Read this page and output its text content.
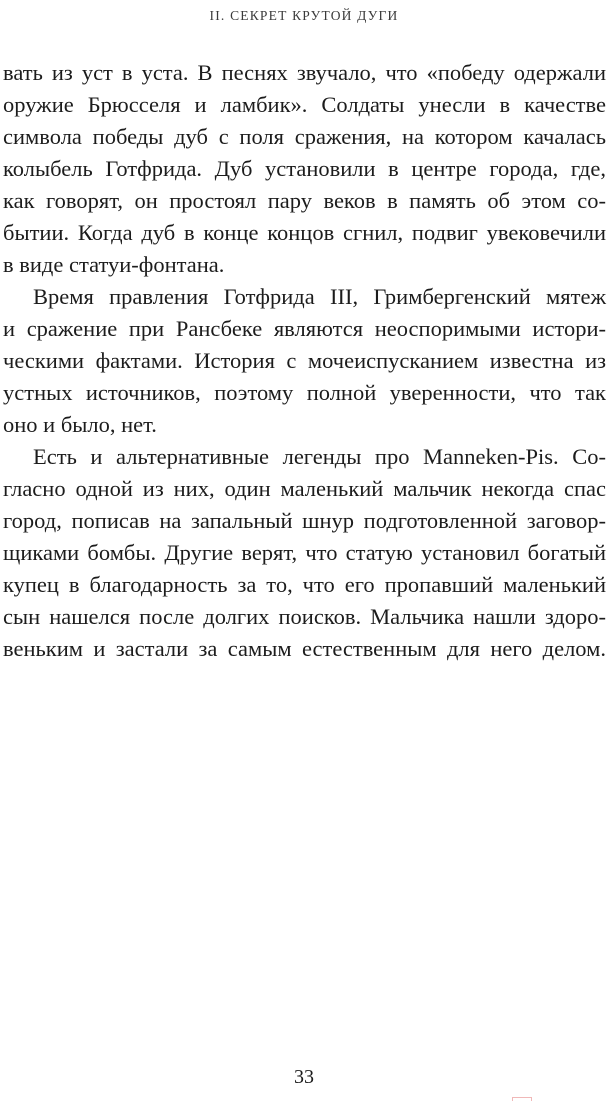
II. СЕКРЕТ КРУТОЙ ДУГИ
вать из уст в уста. В песнях звучало, что «победу одержали
оружие Брюсселя и ламбик». Солдаты унесли в качестве
символа победы дуб с поля сражения, на котором качалась
колыбель Готфрида. Дуб установили в центре города, где,
как говорят, он простоял пару веков в память об этом со-
бытии. Когда дуб в конце концов сгнил, подвиг увековечили
в виде статуи-фонтана.
Время правления Готфрида III, Гримбергенский мятеж
и сражение при Рансбеке являются неоспоримыми истори-
ческими фактами. История с мочеиспусканием известна из
устных источников, поэтому полной уверенности, что так
оно и было, нет.
Есть и альтернативные легенды про Manneken-Pis. Со-
гласно одной из них, один маленький мальчик некогда спас
город, пописав на запальный шнур подготовленной заговор-
щиками бомбы. Другие верят, что статую установил богатый
купец в благодарность за то, что его пропавший маленький
сын нашелся после долгих поисков. Мальчика нашли здоро-
веньким и застали за самым естественным для него делом.
33
